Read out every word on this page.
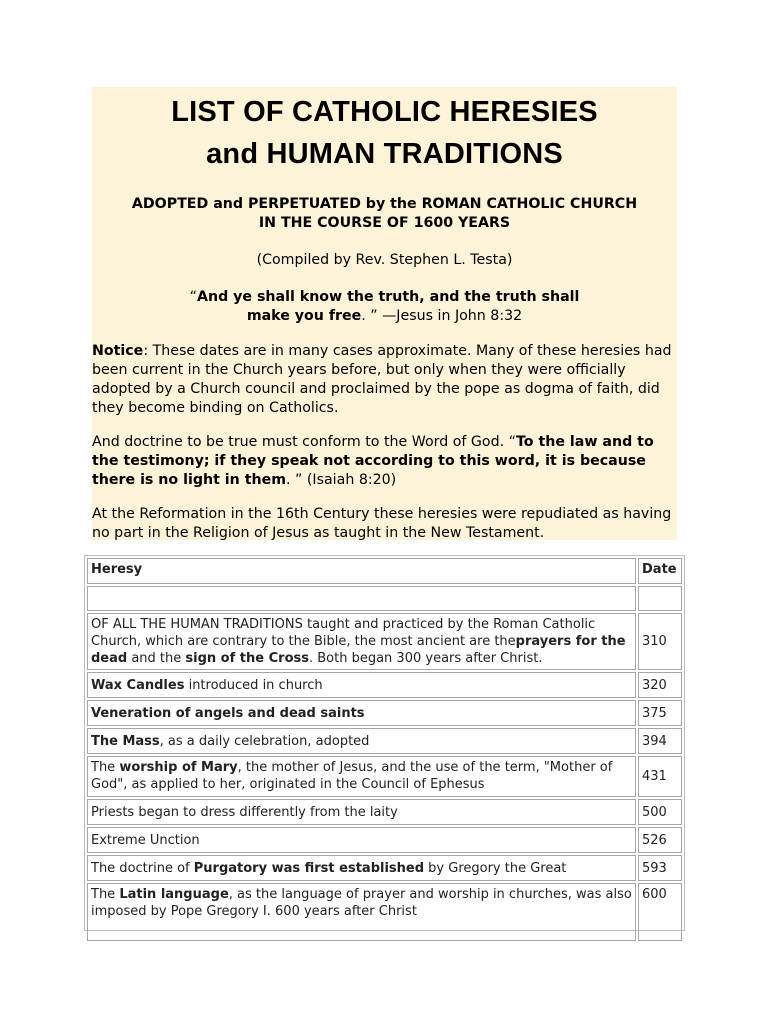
LIST OF CATHOLIC HERESIES
and HUMAN TRADITIONS

ADOPTED and PERPETUATED by the ROMAN CATHOLIC CHURCH
IN THE COURSE OF 1600 YEARS

(Compiled by Rev. Stephen L. Testa)

“And ye shall know the truth, and the truth shall
make you free. ” —Jesus in John 8:32

Notice: These dates are in many cases approximate. Many of these heresies had been current in the Church years before, but only when they were officially adopted by a Church council and proclaimed by the pope as dogma of faith, did they become binding on Catholics.

And doctrine to be true must conform to the Word of God. “To the law and to the testimony; if they speak not according to this word, it is because there is no light in them. ” (Isaiah 8:20)

At the Reformation in the 16th Century these heresies were repudiated as having no part in the Religion of Jesus as taught in the New Testament.

Heresy	Date

OF ALL THE HUMAN TRADITIONS taught and practiced by the Roman Catholic Church, which are contrary to the Bible, the most ancient are theprayers for the dead and the sign of the Cross. Both began 300 years after Christ.	310
Wax Candles introduced in church	320
Veneration of angels and dead saints	375
The Mass, as a daily celebration, adopted	394
The worship of Mary, the mother of Jesus, and the use of the term, "Mother of God", as applied to her, originated in the Council of Ephesus	431
Priests began to dress differently from the laity	500
Extreme Unction	526
The doctrine of Purgatory was first established by Gregory the Great	593
The Latin language, as the language of prayer and worship in churches, was also imposed by Pope Gregory I. 600 years after Christ	600
